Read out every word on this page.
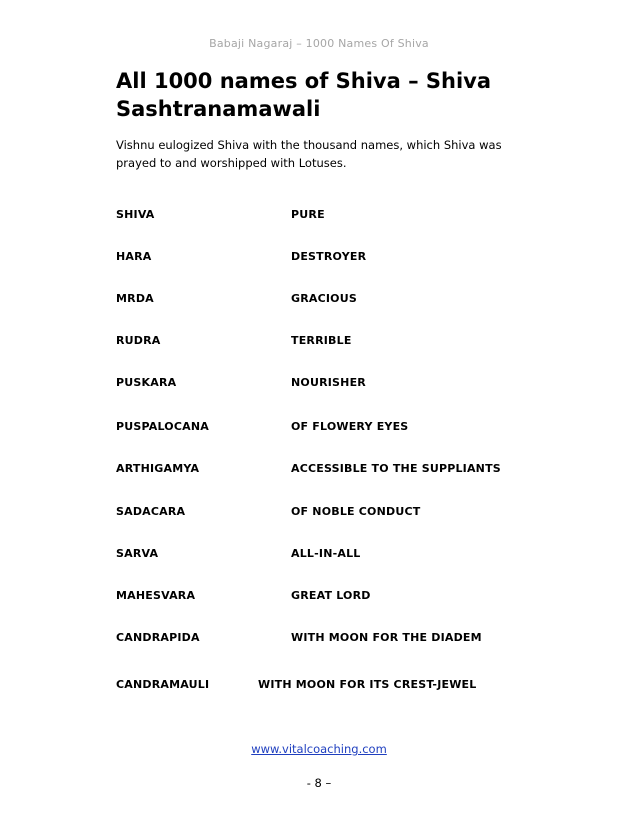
Babaji Nagaraj – 1000 Names Of Shiva
All 1000 names of Shiva – Shiva Sashtranamawali

Vishnu eulogized Shiva with the thousand names, which Shiva was prayed to and worshipped with Lotuses.

SHIVA	PURE
HARA	DESTROYER
MRDA	GRACIOUS
RUDRA	TERRIBLE
PUSKARA	NOURISHER
PUSPALOCANA	OF FLOWERY EYES
ARTHIGAMYA	ACCESSIBLE TO THE SUPPLIANTS
SADACARA	OF NOBLE CONDUCT
SARVA	ALL-IN-ALL
MAHESVARA	GREAT LORD
CANDRAPIDA	WITH MOON FOR THE DIADEM
CANDRAMAULI	WITH MOON FOR ITS CREST-JEWEL
www.vitalcoaching.com
- 8 –
